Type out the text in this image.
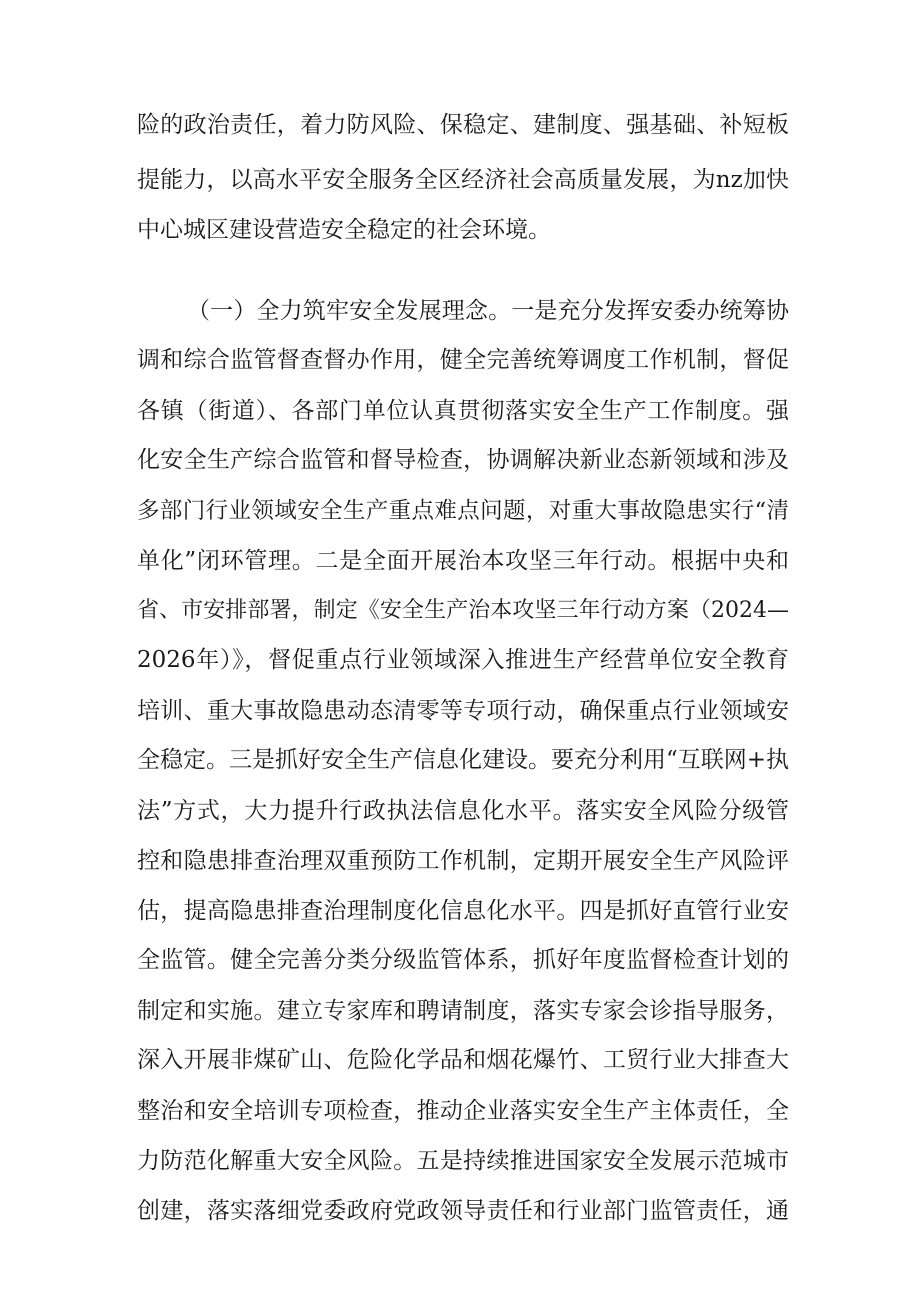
险的政治责任，着力防风险、保稳定、建制度、强基础、补短板
提能力，以高水平安全服务全区经济社会高质量发展，为nz加快
中心城区建设营造安全稳定的社会环境。
（一）全力筑牢安全发展理念。一是充分发挥安委办统筹协
调和综合监管督查督办作用，健全完善统筹调度工作机制，督促
各镇（街道）、各部门单位认真贯彻落实安全生产工作制度。强
化安全生产综合监管和督导检查，协调解决新业态新领域和涉及
多部门行业领域安全生产重点难点问题，对重大事故隐患实行“清
单化”闭环管理。二是全面开展治本攻坚三年行动。根据中央和
省、市安排部署，制定《安全生产治本攻坚三年行动方案（2024—
2026年）》，督促重点行业领域深入推进生产经营单位安全教育
培训、重大事故隐患动态清零等专项行动，确保重点行业领域安
全稳定。三是抓好安全生产信息化建设。要充分利用“互联网+执
法”方式，大力提升行政执法信息化水平。落实安全风险分级管
控和隐患排查治理双重预防工作机制，定期开展安全生产风险评
估，提高隐患排查治理制度化信息化水平。四是抓好直管行业安
全监管。健全完善分类分级监管体系，抓好年度监督检查计划的
制定和实施。建立专家库和聘请制度，落实专家会诊指导服务，
深入开展非煤矿山、危险化学品和烟花爆竹、工贸行业大排查大
整治和安全培训专项检查，推动企业落实安全生产主体责任，全
力防范化解重大安全风险。五是持续推进国家安全发展示范城市
创建，落实落细党委政府党政领导责任和行业部门监管责任，通
